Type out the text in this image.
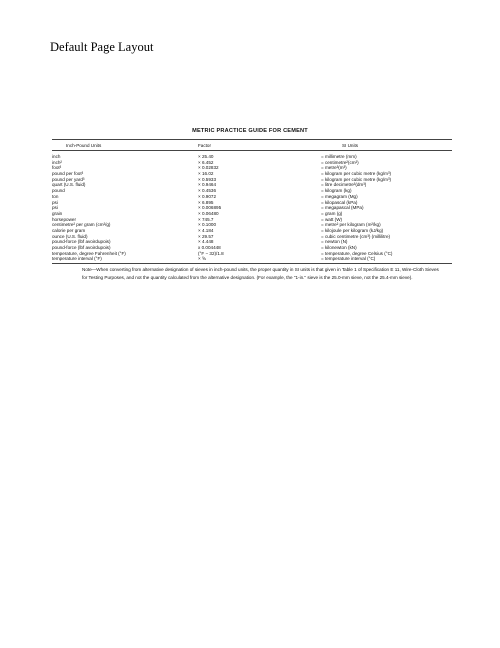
Default Page Layout
METRIC PRACTICE GUIDE FOR CEMENT
Inch-Pound Units	Factor	SI Units
inch	× 25.40	= millimetre (mm)
inch²	× 6.452	= centimetre²(cm²)
foot³	× 0.02832	= metre³(m³)
pound per foot³	× 16.02	= kilogram per cubic metre (kg/m³)
pound per yard³	× 0.5933	= kilogram per cubic metre (kg/m³)
quart (U.S. fluid)	× 0.9464	= litre decimetre³(dm³)
pound	× 0.4536	= kilogram (kg)
ton	× 0.9072	= megagram (Mg)
psi	× 6.895	= kilopascal (kPa)
psi	× 0.006895	= megapascal (MPa)
grain	× 0.06480	= gram (g)
horsepower	× 745.7	= watt (W)
centimetre² per gram (cm²/g)	× 0.1000	= metre² per kilogram (m²/kg)
calorie per gram	× 4.184	= kilojoule per kilogram (kJ/kg)
ounce (U.S. fluid)	× 29.57	= cubic centimetre (cm³) (millilitre)
pound-force (lbf avoirdupois)	× 4.448	= newton (N)
pound-force (lbf avoirdupois)	x 0.004448	= kilonewton (kN)
temperature, degree Fahrenheit (°F)	(°F − 32)/1.8	= temperature, degree Celsius (°C)
temperature interval (°F)	× ⅝	= temperature interval (°C)
Note—When converting from alternative designation of sieves in inch-pound units, the proper quantity in SI units is that given in Table 1 of Specification E 11, Wire-Cloth Sieves for Testing Purposes, and not the quantity calculated from the alternative designation. (For example, the "1-in." sieve is the 25.0-mm sieve, not the 25.4-mm sieve).
